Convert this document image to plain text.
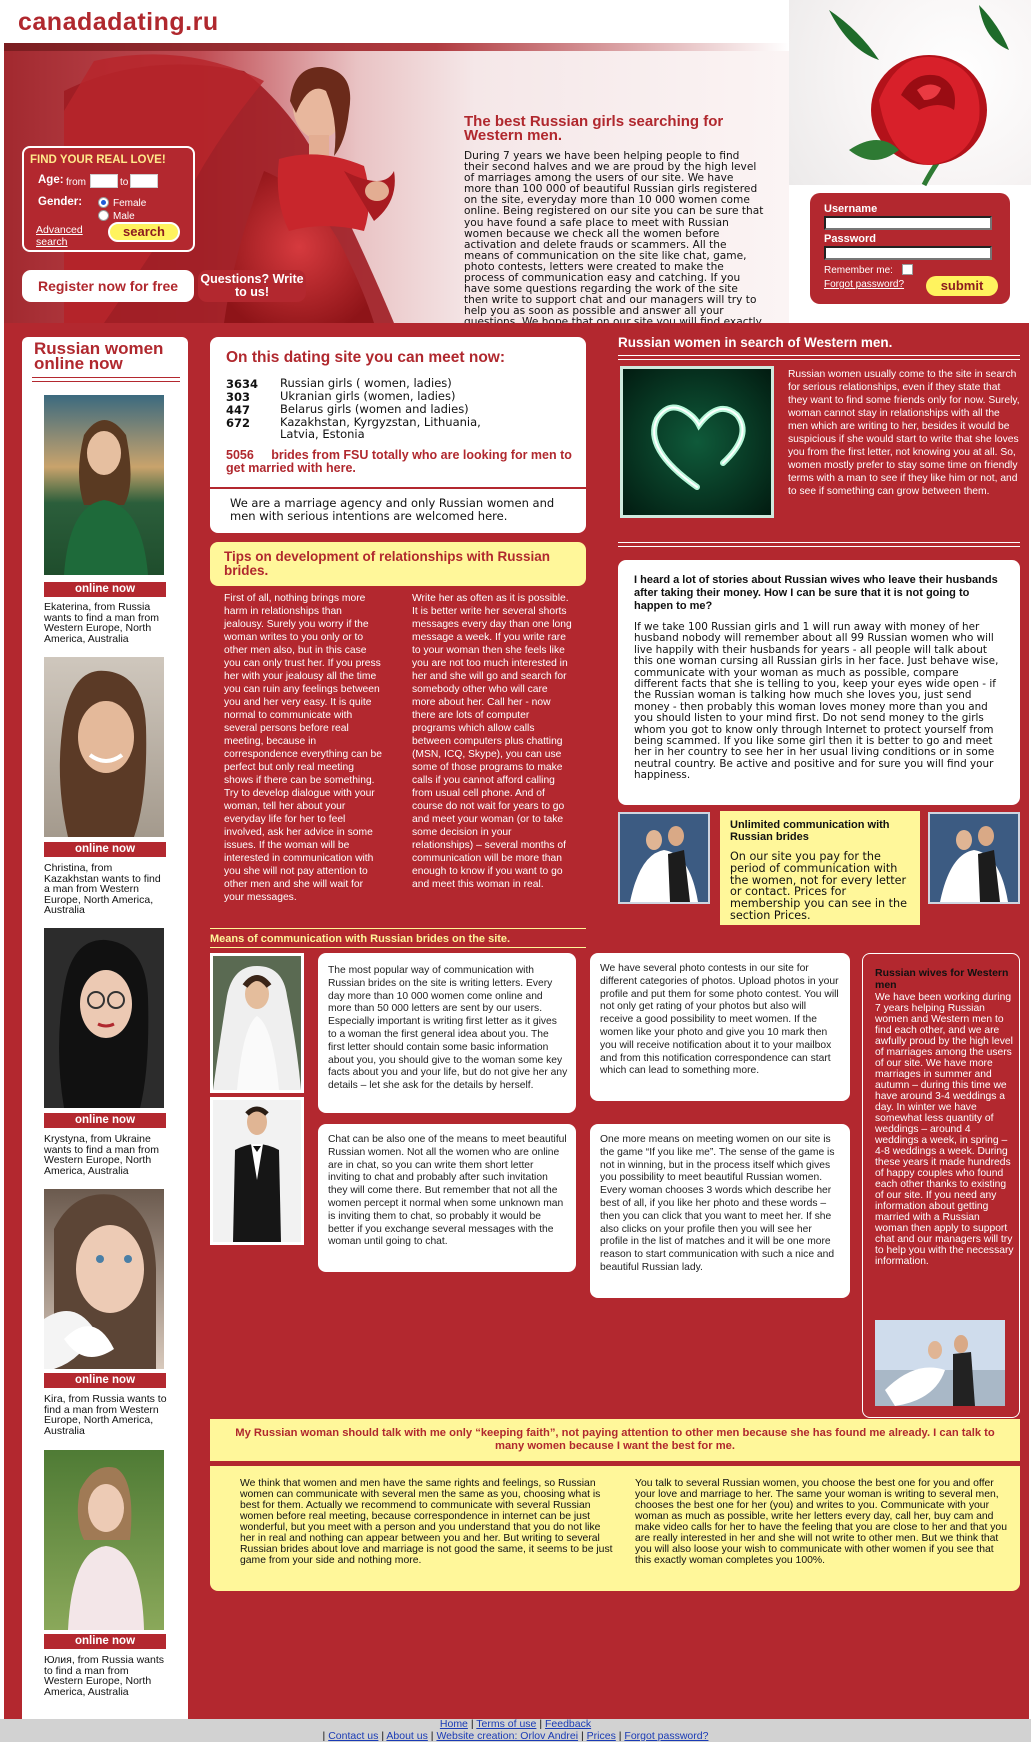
canadadating.ru
The best Russian girls searching for Western men.
During 7 years we have been helping people to find their second halves and we are proud by the high level of marriages among the users of our site. We have more than 100 000 of beautiful Russian girls registered on the site, everyday more than 10 000 women come online. Being registered on our site you can be sure that you have found a safe place to meet with Russian women because we check all the women before activation and delete frauds or scammers. All the means of communication on the site like chat, game, photo contests, letters were created to make the process of communication easy and catching. If you have some questions regarding the work of the site then write to support chat and our managers will try to help you as soon as possible and answer all your
FIND YOUR REAL LOVE!
Age: from	to
Gender:	Female
Male
Advanced search
search
Register now for free	Questions? Write to us!
Username
Password
Remember me:
Forgot password?	submit
Russian women online now
online now
Ekaterina, from Russia wants to find a man from Western Europe, North America, Australia
online now
Christina, from Kazakhstan wants to find a man from Western Europe, North America, Australia
online now
Krystyna, from Ukraine wants to find a man from Western Europe, North America, Australia
online now
Kira, from Russia wants to find a man from Western Europe, North America, Australia
online now
Юлия, from Russia wants to find a man from Western Europe, North America, Australia
On this dating site you can meet now:
3634	Russian girls ( women, ladies)
303	Ukranian girls (women, ladies)
447	Belarus girls (women and ladies)
672	Kazakhstan, Kyrgyzstan, Lithuania, Latvia, Estonia
5056 brides from FSU totally who are looking for men to get married with here.
We are a marriage agency and only Russian women and men with serious intentions are welcomed here.
Tips on development of relationships with Russian brides.
First of all, nothing brings more harm in relationships than jealousy. Surely you worry if the woman writes to you only or to other men also, but in this case you can only trust her. If you press her with your jealousy all the time you can ruin any feelings between you and her very easy. It is quite normal to communicate with several persons before real meeting, because in correspondence everything can be perfect but only real meeting shows if there can be something. Try to develop dialogue with your woman, tell her about your everyday life for her to feel involved, ask her advice in some issues. If the woman will be interested in communication with you she will not pay attention to other men and she will wait for your messages.
Write her as often as it is possible. It is better write her several shorts messages every day than one long message a week. If you write rare to your woman then she feels like you are not too much interested in her and she will go and search for somebody other who will care more about her. Call her - now there are lots of computer programs which allow calls between computers plus chatting (MSN, ICQ, Skype), you can use some of those programs to make calls if you cannot afford calling from usual cell phone. And of course do not wait for years to go and meet your woman (or to take some decision in your relationships) – several months of communication will be more than enough to know if you want to go and meet this woman in real.
Means of communication with Russian brides on the site.
The most popular way of communication with Russian brides on the site is writing letters. Every day more than 10 000 women come online and more than 50 000 letters are sent by our users. Especially important is writing first letter as it gives to a woman the first general idea about you. The first letter should contain some basic information about you, you should give to the woman some key facts about you and your life, but do not give her any details – let she ask for the details by herself.
Chat can be also one of the means to meet beautiful Russian women. Not all the women who are online are in chat, so you can write them short letter inviting to chat and probably after such invitation they will come there. But remember that not all the women percept it normal when some unknown man is inviting them to chat, so probably it would be better if you exchange several messages with the woman until going to chat.
We have several photo contests in our site for different categories of photos. Upload photos in your profile and put them for some photo contest. You will not only get rating of your photos but also will receive a good possibility to meet women. If the women like your photo and give you 10 mark then you will receive notification about it to your mailbox and from this notification correspondence can start which can lead to something more.
One more means on meeting women on our site is the game “If you like me”. The sense of the game is not in winning, but in the process itself which gives you possibility to meet beautiful Russian women. Every woman chooses 3 words which describe her best of all, if you like her photo and these words – then you can click that you want to meet her. If she also clicks on your profile then you will see her profile in the list of matches and it will be one more reason to start communication with such a nice and beautiful Russian lady.
Russian women in search of Western men.
Russian women usually come to the site in search for serious relationships, even if they state that they want to find some friends only for now. Surely, woman cannot stay in relationships with all the men which are writing to her, besides it would be suspicious if she would start to write that she loves you from the first letter, not knowing you at all. So, women mostly prefer to stay some time on friendly terms with a man to see if they like him or not, and to see if something can grow between them.
I heard a lot of stories about Russian wives who leave their husbands after taking their money. How I can be sure that it is not going to happen to me?
If we take 100 Russian girls and 1 will run away with money of her husband nobody will remember about all 99 Russian women who will live happily with their husbands for years - all people will talk about this one woman cursing all Russian girls in her face. Just behave wise, communicate with your woman as much as possible, compare different facts that she is telling to you, keep your eyes wide open - if the Russian woman is talking how much she loves you, just send money - then probably this woman loves money more than you and you should listen to your mind first. Do not send money to the girls whom you got to know only through Internet to protect yourself from being scammed. If you like some girl then it is better to go and meet her in her country to see her in her usual living conditions or in some neutral country. Be active and positive and for sure you will find your happiness.
Unlimited communication with Russian brides
On our site you pay for the period of communication with the women, not for every letter or contact. Prices for membership you can see in the section Prices.
Russian wives for Western men
We have been working during 7 years helping Russian women and Western men to find each other, and we are awfully proud by the high level of marriages among the users of our site. We have more marriages in summer and autumn – during this time we have around 3-4 weddings a day. In winter we have somewhat less quantity of weddings – around 4 weddings a week, in spring – 4-8 weddings a week. During these years it made hundreds of happy couples who found each other thanks to existing of our site. If you need any information about getting married with a Russian woman then apply to support chat and our managers will try to help you with the necessary information.
My Russian woman should talk with me only “keeping faith”, not paying attention to other men because she has found me already. I can talk to many women because I want the best for me.
We think that women and men have the same rights and feelings, so Russian women can communicate with several men the same as you, choosing what is best for them. Actually we recommend to communicate with several Russian women before real meeting, because correspondence in internet can be just wonderful, but you meet with a person and you understand that you do not like her in real and nothing can appear between you and her. But writing to several Russian brides about love and marriage is not good the same, it seems to be just game from your side and nothing more.
You talk to several Russian women, you choose the best one for you and offer your love and marriage to her. The same your woman is writing to several men, chooses the best one for her (you) and writes to you. Communicate with your woman as much as possible, write her letters every day, call her, buy cam and make video calls for her to have the feeling that you are close to her and that you are really interested in her and she will not write to other men. But we think that you will also loose your wish to communicate with other women if you see that this exactly woman completes you 100%.
Home | Terms of use | Feedback
| Contact us | About us | Website creation: Orlov Andrei | Prices | Forgot password?
